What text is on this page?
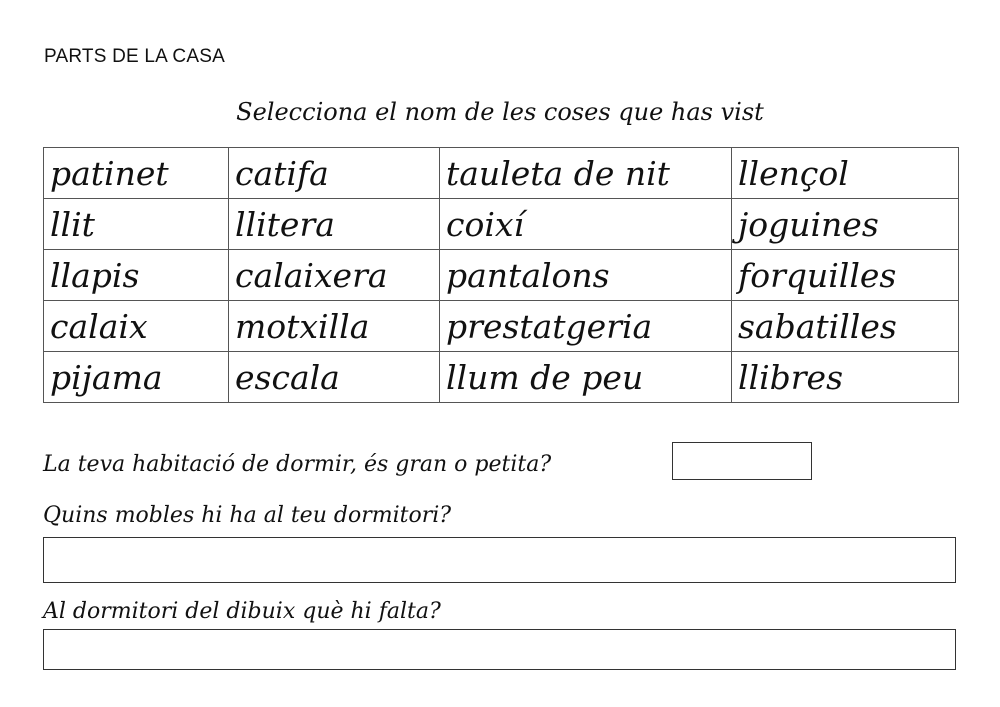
PARTS DE LA CASA
Selecciona el nom de les coses que has vist
patinet	catifa	tauleta de nit	llençol
llit	llitera	coixí	joguines
llapis	calaixera	pantalons	forquilles
calaix	motxilla	prestatgeria	sabatilles
pijama	escala	llum de peu	llibres
La teva habitació de dormir, és gran o petita?
Quins mobles hi ha al teu dormitori?
Al dormitori del dibuix què hi falta?
